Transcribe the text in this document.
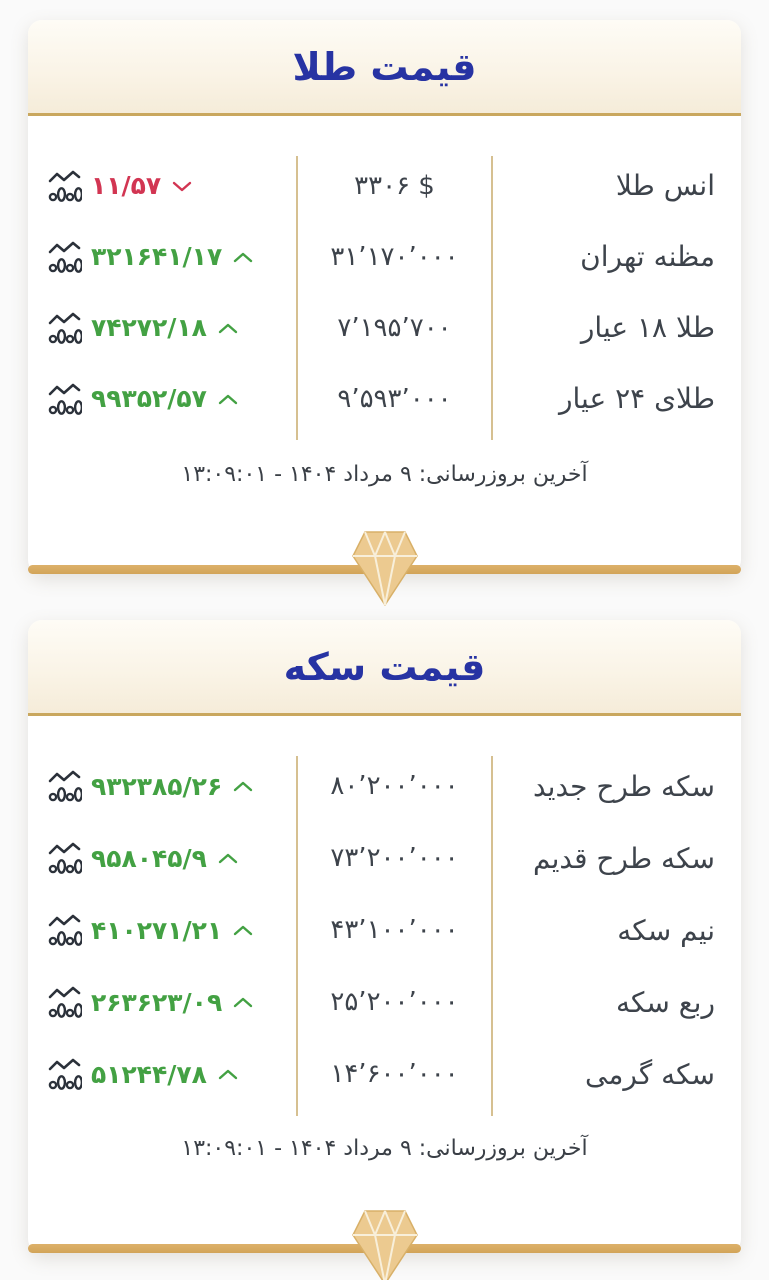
قیمت طلا
انس طلا
۳۳۰۶ $
۱۱/۵۷
مظنه تهران
۳۱٬۱۷۰٬۰۰۰
۳۲۱۶۴۱/۱۷
طلا ۱۸ عیار
۷٬۱۹۵٬۷۰۰
۷۴۲۷۲/۱۸
طلای ۲۴ عیار
۹٬۵۹۳٬۰۰۰
۹۹۳۵۲/۵۷
آخرین بروزرسانی: ۹ مرداد ۱۴۰۴ - ۱۳:۰۹:۰۱
قیمت سکه
سکه طرح جدید
۸۰٬۲۰۰٬۰۰۰
۹۳۲۳۸۵/۲۶
سکه طرح قدیم
۷۳٬۲۰۰٬۰۰۰
۹۵۸۰۴۵/۹
نیم سکه
۴۳٬۱۰۰٬۰۰۰
۴۱۰۲۷۱/۲۱
ربع سکه
۲۵٬۲۰۰٬۰۰۰
۲۶۳۶۲۳/۰۹
سکه گرمی
۱۴٬۶۰۰٬۰۰۰
۵۱۲۴۴/۷۸
آخرین بروزرسانی: ۹ مرداد ۱۴۰۴ - ۱۳:۰۹:۰۱
